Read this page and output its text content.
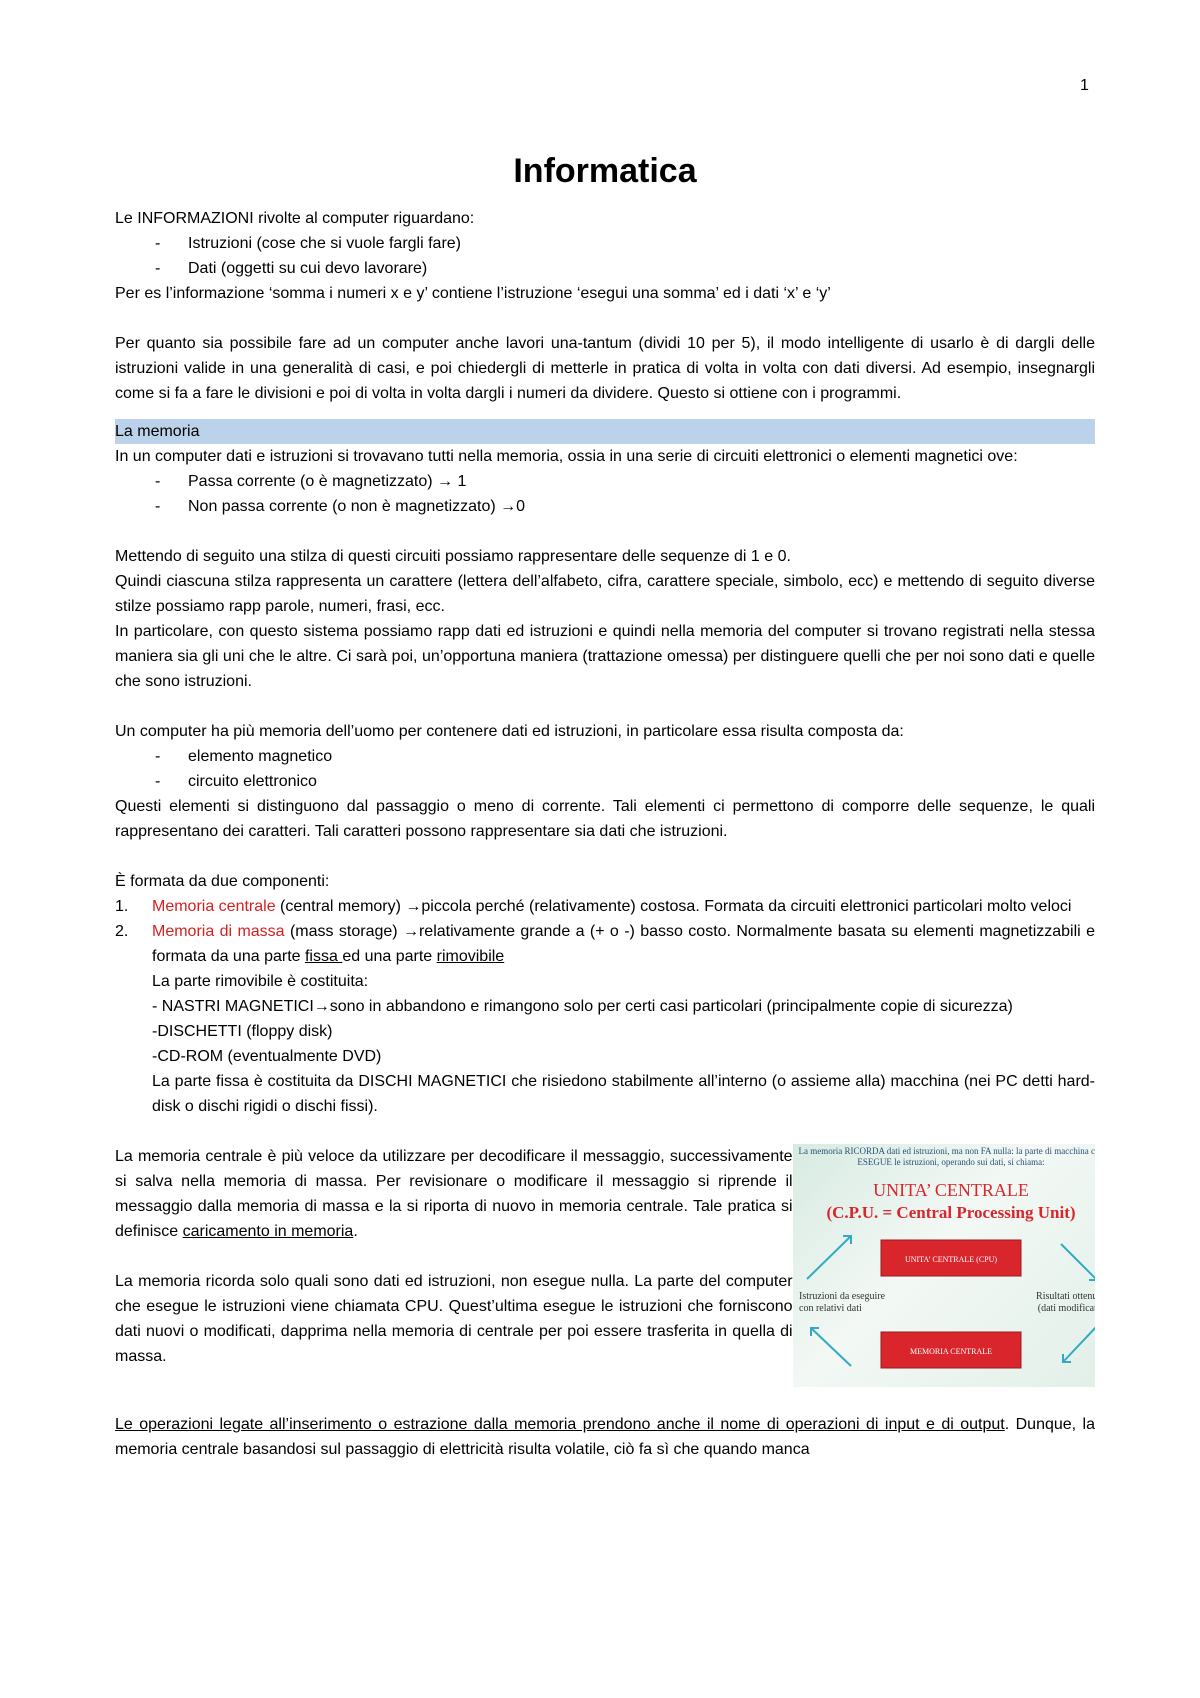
1
Informatica

Le INFORMAZIONI rivolte al computer riguardano:

- Istruzioni (cose che si vuole fargli fare)
- Dati (oggetti su cui devo lavorare)

Per es l’informazione ‘somma i numeri x e y’ contiene l’istruzione ‘esegui una somma’ ed i dati ‘x’ e ‘y’

Per quanto sia possibile fare ad un computer anche lavori una-tantum (dividi 10 per 5), il modo intelligente di usarlo è di dargli delle istruzioni valide in una generalità di casi, e poi chiedergli di metterle in pratica di volta in volta con dati diversi. Ad esempio, insegnargli come si fa a fare le divisioni e poi di volta in volta dargli i numeri da dividere. Questo si ottiene con i programmi.

La memoria

In un computer dati e istruzioni si trovavano tutti nella memoria, ossia in una serie di circuiti elettronici o elementi magnetici ove:

- Passa corrente (o è magnetizzato) → 1
- Non passa corrente (o non è magnetizzato) →0

Mettendo di seguito una stilza di questi circuiti possiamo rappresentare delle sequenze di 1 e 0.

Quindi ciascuna stilza rappresenta un carattere (lettera dell’alfabeto, cifra, carattere speciale, simbolo, ecc) e mettendo di seguito diverse stilze possiamo rapp parole, numeri, frasi, ecc.

In particolare, con questo sistema possiamo rapp dati ed istruzioni e quindi nella memoria del computer si trovano registrati nella stessa maniera sia gli uni che le altre. Ci sarà poi, un’opportuna maniera (trattazione omessa) per distinguere quelli che per noi sono dati e quelle che sono istruzioni.

Un computer ha più memoria dell’uomo per contenere dati ed istruzioni, in particolare essa risulta composta da:

- elemento magnetico
- circuito elettronico

Questi elementi si distinguono dal passaggio o meno di corrente. Tali elementi ci permettono di comporre delle sequenze, le quali rappresentano dei caratteri. Tali caratteri possono rappresentare sia dati che istruzioni.

È formata da due componenti:

1. Memoria centrale (central memory) →piccola perché (relativamente) costosa. Formata da circuiti elettronici particolari molto veloci
2. Memoria di massa (mass storage) →relativamente grande a (+ o -) basso costo. Normalmente basata su elementi magnetizzabili e formata da una parte fissa ed una parte rimovibile
La parte rimovibile è costituita:
- NASTRI MAGNETICI→sono in abbandono e rimangono solo per certi casi particolari (principalmente copie di sicurezza)
-DISCHETTI (floppy disk)
-CD-ROM (eventualmente DVD)
La parte fissa è costituita da DISCHI MAGNETICI che risiedono stabilmente all’interno (o assieme alla) macchina (nei PC detti hard-disk o dischi rigidi o dischi fissi).

La memoria centrale è più veloce da utilizzare per decodificare il messaggio, successivamente si salva nella memoria di massa. Per revisionare o modificare il messaggio si riprende il messaggio dalla memoria di massa e la si riporta di nuovo in memoria centrale. Tale pratica si definisce caricamento in memoria.

La memoria ricorda solo quali sono dati ed istruzioni, non esegue nulla. La parte del computer che esegue le istruzioni viene chiamata CPU. Quest’ultima esegue le istruzioni che forniscono dati nuovi o modificati, dapprima nella memoria di centrale per poi essere trasferita in quella di massa.

La memoria RICORDA dati ed istruzioni, ma non FA nulla: la parte di macchina che ESEGUE le istruzioni, operando sui dati, si chiama:
UNITA’ CENTRALE
(C.P.U. = Central Processing Unit)
UNITA’ CENTRALE (CPU)
MEMORIA CENTRALE
Istruzioni da eseguire
con relativi dati
Risultati ottenuti
(dati modificati)

Le operazioni legate all’inserimento o estrazione dalla memoria prendono anche il nome di operazioni di input e di output. Dunque, la memoria centrale basandosi sul passaggio di elettricità risulta volatile, ciò fa sì che quando manca
